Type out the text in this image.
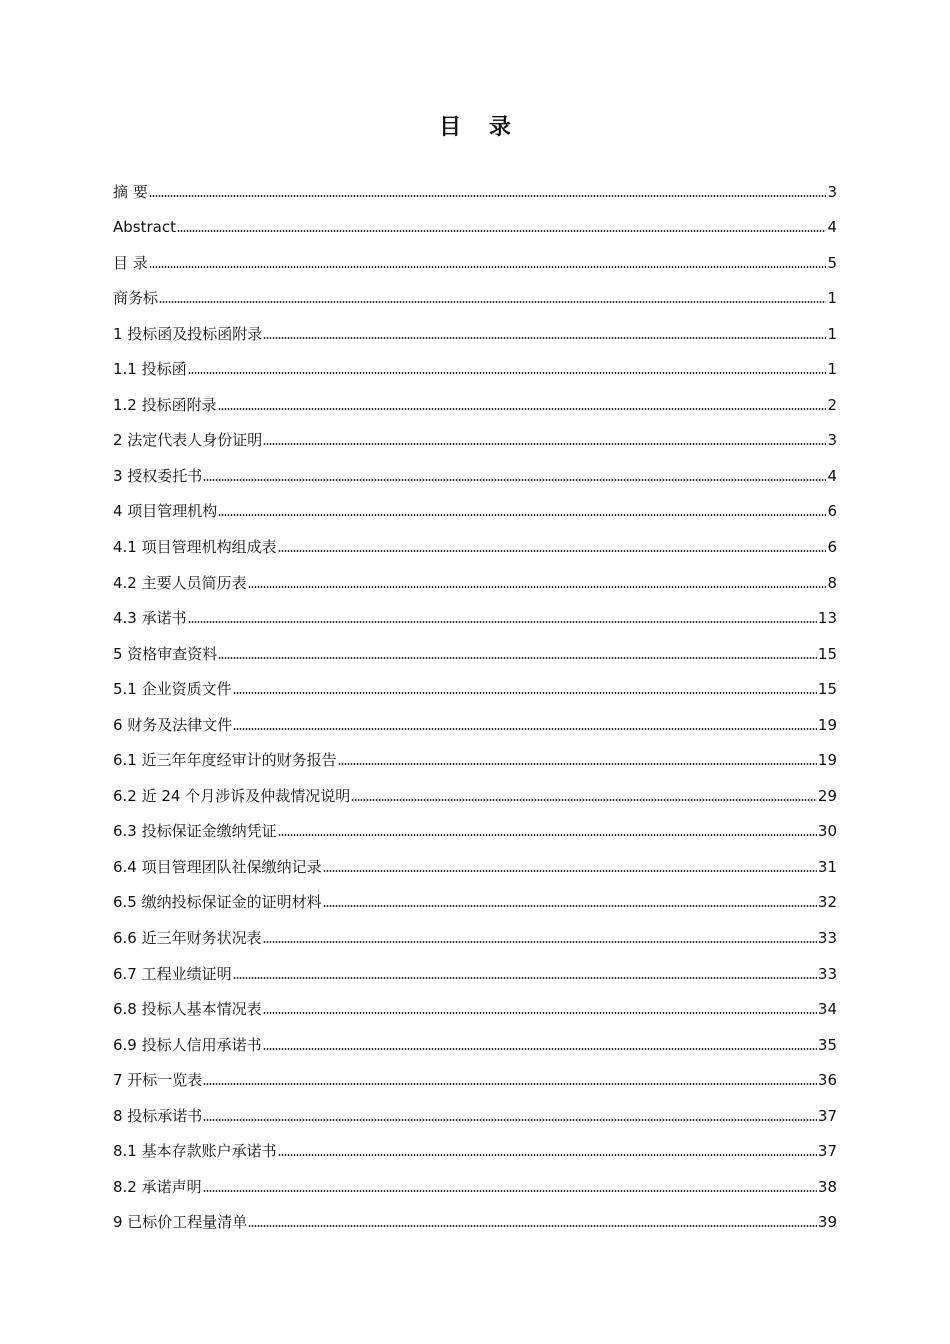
目 录
摘 要	3
Abstract	4
目 录	5
商务标	1
1 投标函及投标函附录	1
1.1 投标函	1
1.2 投标函附录	2
2 法定代表人身份证明	3
3 授权委托书	4
4 项目管理机构	6
4.1 项目管理机构组成表	6
4.2 主要人员简历表	8
4.3 承诺书	13
5 资格审查资料	15
5.1 企业资质文件	15
6 财务及法律文件	19
6.1 近三年年度经审计的财务报告	19
6.2 近 24 个月涉诉及仲裁情况说明	29
6.3 投标保证金缴纳凭证	30
6.4 项目管理团队社保缴纳记录	31
6.5 缴纳投标保证金的证明材料	32
6.6 近三年财务状况表	33
6.7 工程业绩证明	33
6.8 投标人基本情况表	34
6.9 投标人信用承诺书	35
7 开标一览表	36
8 投标承诺书	37
8.1 基本存款账户承诺书	37
8.2 承诺声明	38
9 已标价工程量清单	39
